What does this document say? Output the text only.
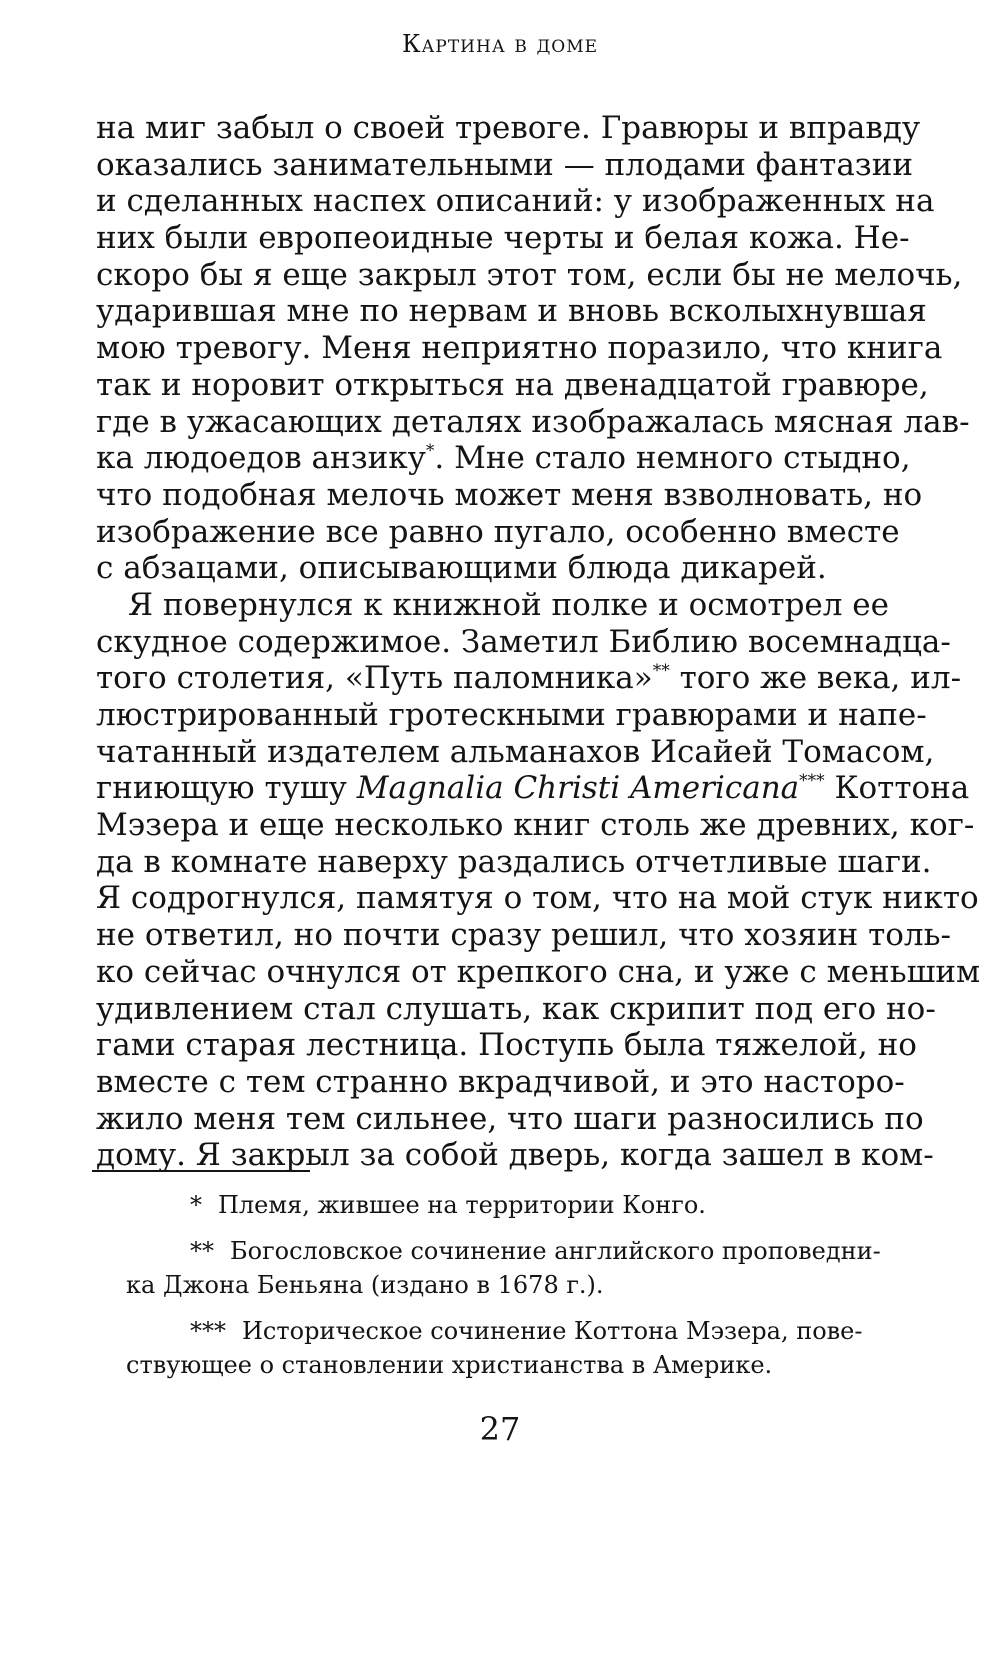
Картина в доме

на миг забыл о своей тревоге. Гравюры и вправду
оказались занимательными — плодами фантазии
и сделанных наспех описаний: у изображенных на
них были европеоидные черты и белая кожа. Не-
скоро бы я еще закрыл этот том, если бы не мелочь,
ударившая мне по нервам и вновь всколыхнувшая
мою тревогу. Меня неприятно поразило, что книга
так и норовит открыться на двенадцатой гравюре,
где в ужасающих деталях изображалась мясная лав-
ка людоедов анзику*. Мне стало немного стыдно,
что подобная мелочь может меня взволновать, но
изображение все равно пугало, особенно вместе
с абзацами, описывающими блюда дикарей.

Я повернулся к книжной полке и осмотрел ее
скудное содержимое. Заметил Библию восемнадца-
того столетия, «Путь паломника»** того же века, ил-
люстрированный гротескными гравюрами и напе-
чатанный издателем альманахов Исайей Томасом,
гниющую тушу Magnalia Christi Americana*** Коттона
Мэзера и еще несколько книг столь же древних, ког-
да в комнате наверху раздались отчетливые шаги.
Я содрогнулся, памятуя о том, что на мой стук никто
не ответил, но почти сразу решил, что хозяин толь-
ко сейчас очнулся от крепкого сна, и уже с меньшим
удивлением стал слушать, как скрипит под его но-
гами старая лестница. Поступь была тяжелой, но
вместе с тем странно вкрадчивой, и это насторо-
жило меня тем сильнее, что шаги разносились по
дому. Я закрыл за собой дверь, когда зашел в ком-

* Племя, жившее на территории Конго.

** Богословское сочинение английского проповедни-
ка Джона Беньяна (издано в 1678 г.).

*** Историческое сочинение Коттона Мэзера, пове-
ствующее о становлении христианства в Америке.

27
